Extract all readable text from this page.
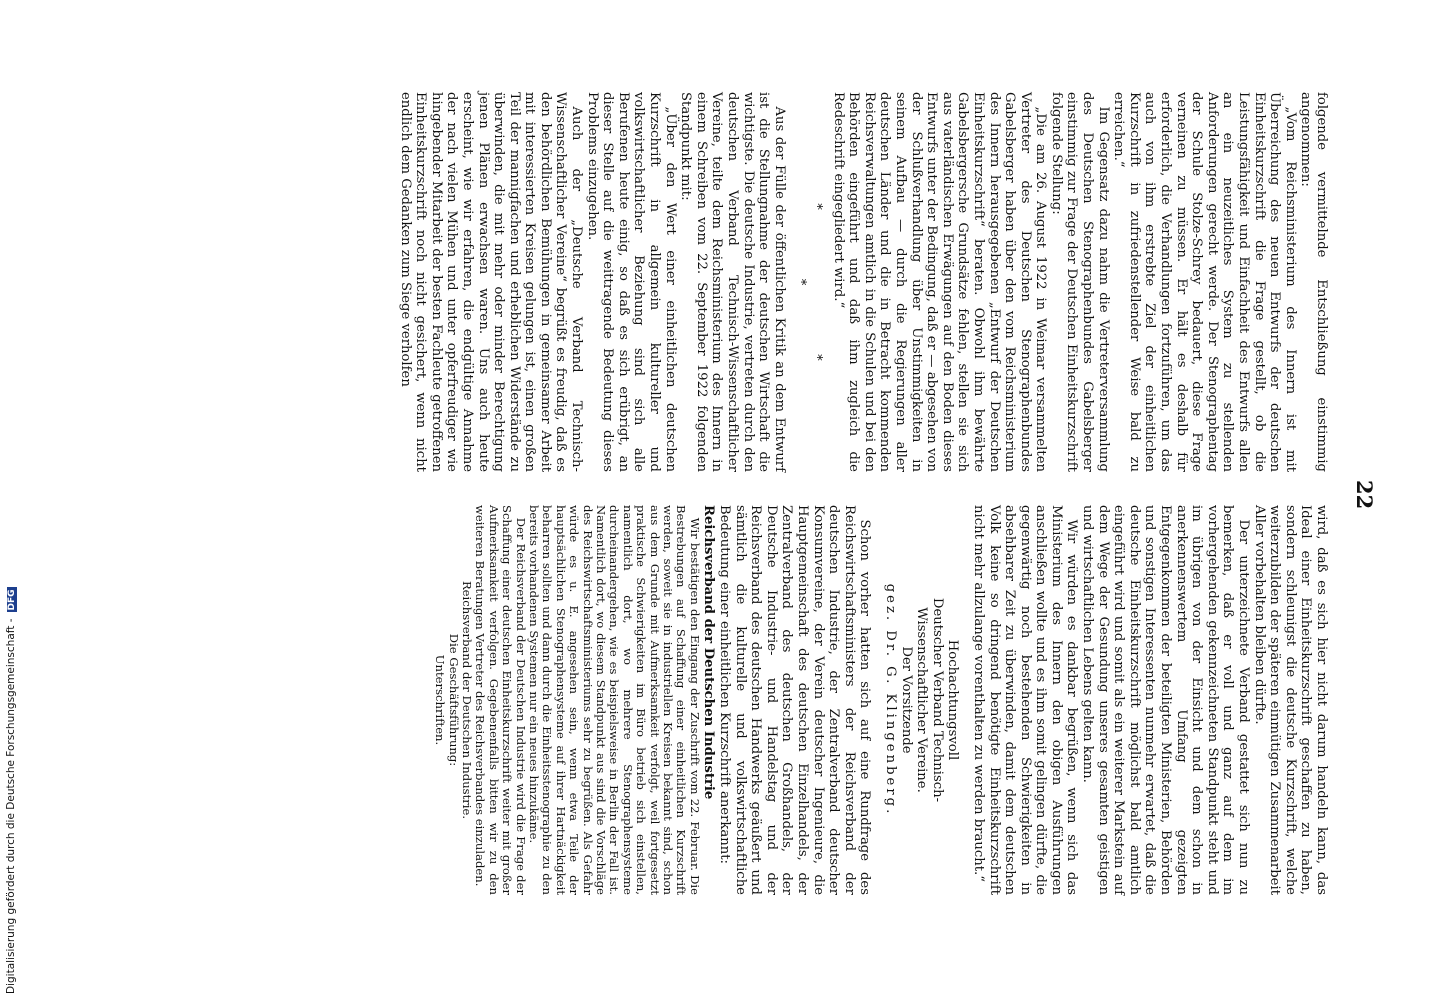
22

folgende vermittelnde Entschließung einstimmig angenommen:

„Vom Reichsministerium des Innern ist mit Überreichung des neuen Entwurfs der deutschen Einheitskurzschrift die Frage gestellt, ob die Leistungsfähigkeit und Einfachheit des Entwurfs allen an ein neuzeitliches System zu stellenden Anforderungen gerecht werde. Der Stenographentag der Schule Stolze-Schrey bedauert, diese Frage verneinen zu müssen. Er hält es deshalb für erforderlich, die Verhandlungen fortzuführen, um das auch von ihm erstrebte Ziel der einheitlichen Kurzschrift in zufriedenstellender Weise bald zu erreichen.“

Im Gegensatz dazu nahm die Vertreterversammlung des Deutschen Stenographenbundes Gabelsberger einstimmig zur Frage der Deutschen Einheitskurzschrift folgende Stellung:

„Die am 26. August 1922 in Weimar versammelten Vertreter des Deutschen Stenographenbundes Gabelsberger haben über den vom Reichsministerium des Innern herausgegebenen „Entwurf der Deutschen Einheitskurzschrift“ beraten. Obwohl ihm bewährte Gabelsbergersche Grundsätze fehlen, stellen sie sich aus vaterländischen Erwägungen auf den Boden dieses Entwurfs unter der Bedingung, daß er — abgesehen von der Schlußverhandlung über Unstimmigkeiten in seinem Aufbau — durch die Regierungen aller deutschen Länder und die in Betracht kommenden Reichsverwaltungen amtlich in die Schulen und bei den Behörden eingeführt und daß ihm zugleich die Redeschrift eingegliedert wird.“

* * *

Aus der Fülle der öffentlichen Kritik an dem Entwurf ist die Stellungnahme der deutschen Wirtschaft die wichtigste. Die deutsche Industrie, vertreten durch den deutschen Verband Technisch-Wissenschaftlicher Vereine, teilte dem Reichsministerium des Innern in einem Schreiben vom 22. September 1922 folgenden Standpunkt mit:

„Über den Wert einer einheitlichen deutschen Kurzschrift in allgemein kultureller und volkswirtschaftlicher Beziehung sind sich alle Berufenen heute einig, so daß es sich erübrigt, an dieser Stelle auf die weittragende Bedeutung dieses Problems einzugehen.

Auch der „Deutsche Verband Technisch-Wissenschaftlicher Vereine“ begrüßt es freudig, daß es den behördlichen Bemühungen in gemeinsamer Arbeit mit interessierten Kreisen gelungen ist, einen großen Teil der mannigfachen und erheblichen Widerstände zu überwinden, die mit mehr oder minder Berechtigung jenen Plänen erwachsen waren. Uns auch heute erscheint, wie wir erfahren, die endgültige Annahme der nach vielen Mühen und unter opferfreudiger wie hingebender Mitarbeit der besten Fachleute getroffenen Einheitskurzschrift noch nicht gesichert, wenn nicht endlich dem Gedanken zum Siege verholfen

wird, daß es sich hier nicht darum handeln kann, das Ideal einer Einheitskurzschrift geschaffen zu haben, sondern schleunigst die deutsche Kurzschrift, welche weiterzubilden der späteren einmütigen Zusammenarbeit Aller vorbehalten bleiben dürfte.

Der unterzeichnete Verband gestattet sich nun zu bemerken, daß er voll und ganz auf dem im vorhergehenden gekennzeichneten Standpunkt steht und im übrigen von der Einsicht und dem schon in anerkennenswertem Umfang gezeigten Entgegenkommen der beteiligten Ministerien, Behörden und sonstigen Interessenten nunmehr erwartet, daß die deutsche Einheitskurzschrift möglichst bald amtlich eingeführt wird und somit als ein weiterer Markstein auf dem Wege der Gesundung unseres gesamten geistigen und wirtschaftlichen Lebens gelten kann.

Wir würden es dankbar begrüßen, wenn sich das Ministerium des Innern den obigen Ausführungen anschließen wollte und es ihm somit gelingen dürfte, die gegenwärtig noch bestehenden Schwierigkeiten in absehbarer Zeit zu überwinden, damit dem deutschen Volk keine so dringend benötigte Einheitskurzschrift nicht mehr allzulange vorenthalten zu werden braucht.“

Hochachtungsvoll

Deutscher Verband Technisch-

Wissenschaftlicher Vereine.

Der Vorsitzende

gez. Dr. G. Klingenberg.

Schon vorher hatten sich auf eine Rundfrage des Reichswirtschaftsministers der Reichsverband der deutschen Industrie, der Zentralverband deutscher Konsumvereine, der Verein deutscher Ingenieure, die Hauptgemeinschaft des deutschen Einzelhandels, der Zentralverband des deutschen Großhandels, der Deutsche Industrie- und Handelstag und der Reichsverband des deutschen Handwerks geäußert und sämtlich die kulturelle und volkswirtschaftliche Bedeutung einer einheitlichen Kurzschrift anerkannt:

Reichsverband der Deutschen Industrie

Wir bestätigen den Eingang der Zuschrift vom 22. Februar. Die Bestrebungen auf Schaffung einer einheitlichen Kurzschrift werden, soweit sie in industriellen Kreisen bekannt sind, schon aus dem Grunde mit Aufmerksamkeit verfolgt, weil fortgesetzt praktische Schwierigkeiten im Büro betrieb sich einstellen, namentlich dort, wo mehrere Stenographensysteme durcheinandergehen, wie es beispielsweise in Berlin der Fall ist. Namentlich dort, wo diesem Standpunkt aus sind die Vorschläge des Reichswirtschaftsministeriums sehr zu begrüßen. Als Gefahr würde es u. E. angesehen sein, wenn etwa Teile der hauptsächlichen Stenographensysteme auf ihrer Hartnäckigkeit beharren sollten und dann durch die Einheitsstenographie zu den bereits vorhandenen Systemen nur ein neues hinzukäme.

Der Reichsverband der Deutschen Industrie wird die Frage der Schaffung einer deutschen Einheitskurzschrift weiter mit großer Aufmerksamkeit verfolgen. Gegebenenfalls bitten wir zu den weiteren Beratungen Vertreter des Reichsverbandes einzuladen.

Reichsverband der Deutschen Industrie.

Die Geschäftsführung:

Unterschriften.

Digitalisierung gefördert durch die Deutsche Forschungsgemeinschaft -DFG
